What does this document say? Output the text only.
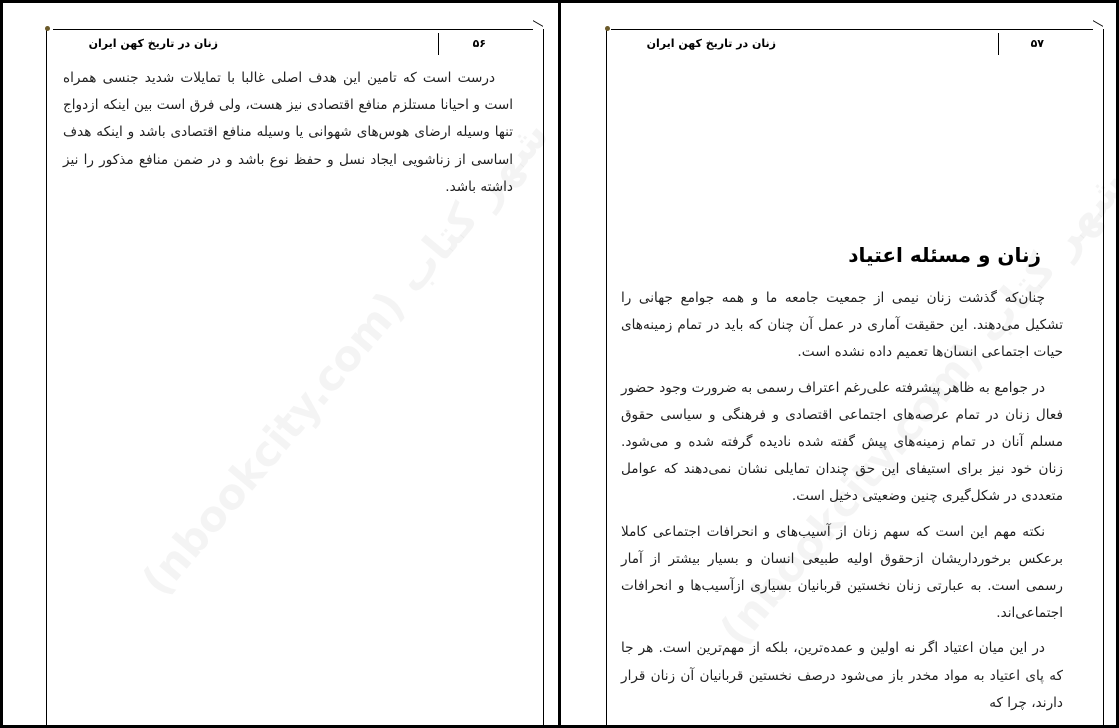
زنان در تاریخ کهن ایران	۵۶

درست است که تامین این هدف اصلی غالبا با تمایلات شدید جنسی همراه است و احیانا مستلزم منافع اقتصادی نیز هست، ولی فرق است بین اینکه ازدواج تنها وسیله ارضای هوس‌های شهوانی یا وسیله منافع اقتصادی باشد و اینکه هدف اساسی از زناشویی ایجاد نسل و حفظ نوع باشد و در ضمن منافع مذکور را نیز داشته باشد.

زنان در تاریخ کهن ایران	۵۷
زنان و مسئله اعتیاد

چنان‌که گذشت زنان نیمی از جمعیت جامعه ما و همه جوامع جهانی را تشکیل می‌دهند. این حقیقت آماری در عمل آن چنان که باید در تمام زمینه‌های حیات اجتماعی انسان‌ها تعمیم داده نشده است.

در جوامع به ظاهر پیشرفته علی‌رغم اعتراف رسمی به ضرورت وجود حضور فعال زنان در تمام عرصه‌های اجتماعی اقتصادی و فرهنگی و سیاسی حقوق مسلم آنان در تمام زمینه‌های پیش گفته شده نادیده گرفته شده و می‌شود. زنان خود نیز برای استیفای این حق چندان تمایلی نشان نمی‌دهند که عوامل متعددی در شکل‌گیری چنین وضعیتی دخیل است.

نکته مهم این است که سهم زنان از آسیب‌های و انحرافات اجتماعی کاملا برعکس برخورداریشان ازحقوق اولیه طبیعی انسان و بسیار بیشتر از آمار رسمی است. به عبارتی زنان نخستین قربانیان بسیاری ازآسیب‌ها و انحرافات اجتماعی‌اند.

در این میان اعتیاد اگر نه اولین و عمده‌ترین، بلکه از مهم‌ترین است. هر جا که پای اعتیاد به مواد مخدر باز می‌شود درصف نخستین قربانیان آن زنان قرار دارند، چرا که
